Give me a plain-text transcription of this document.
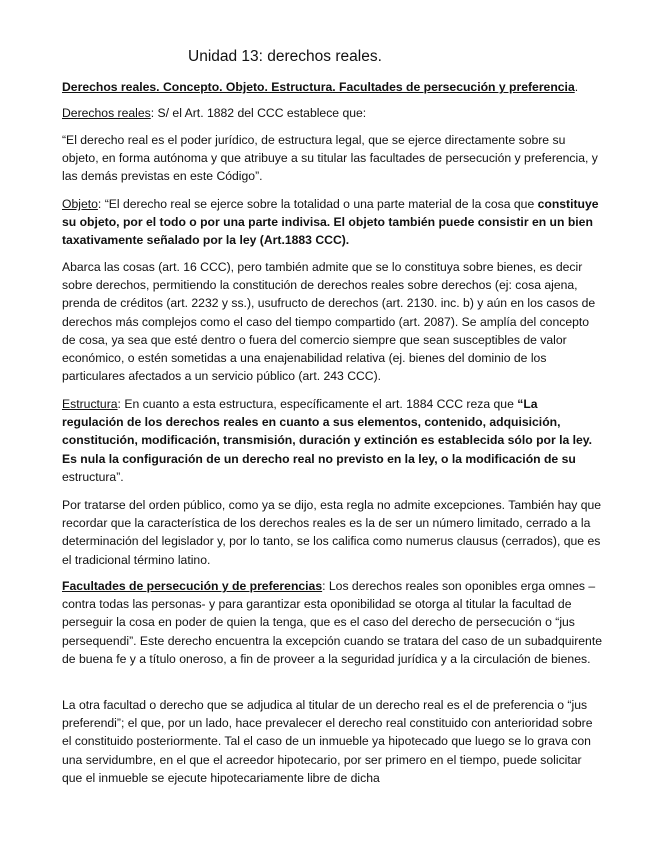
Unidad 13: derechos reales.

Derechos reales. Concepto. Objeto. Estructura. Facultades de persecución y preferencia.

Derechos reales: S/ el Art. 1882 del CCC establece que:

“El derecho real es el poder jurídico, de estructura legal, que se ejerce directamente sobre su objeto, en forma autónoma y que atribuye a su titular las facultades de persecución y preferencia, y las demás previstas en este Código”.

Objeto: “El derecho real se ejerce sobre la totalidad o una parte material de la cosa que constituye su objeto, por el todo o por una parte indivisa. El objeto también puede consistir en un bien taxativamente señalado por la ley (Art.1883 CCC).

Abarca las cosas (art. 16 CCC), pero también admite que se lo constituya sobre bienes, es decir sobre derechos, permitiendo la constitución de derechos reales sobre derechos (ej: cosa ajena, prenda de créditos (art. 2232 y ss.), usufructo de derechos (art. 2130. inc. b) y aún en los casos de derechos más complejos como el caso del tiempo compartido (art. 2087). Se amplía del concepto de cosa, ya sea que esté dentro o fuera del comercio siempre que sean susceptibles de valor económico, o estén sometidas a una enajenabilidad relativa (ej. bienes del dominio de los particulares afectados a un servicio público (art. 243 CCC).

Estructura: En cuanto a esta estructura, específicamente el art. 1884 CCC reza que “La regulación de los derechos reales en cuanto a sus elementos, contenido, adquisición, constitución, modificación, transmisión, duración y extinción es establecida sólo por la ley. Es nula la configuración de un derecho real no previsto en la ley, o la modificación de su estructura”.

Por tratarse del orden público, como ya se dijo, esta regla no admite excepciones. También hay que recordar que la característica de los derechos reales es la de ser un número limitado, cerrado a la determinación del legislador y, por lo tanto, se los califica como numerus clausus (cerrados), que es el tradicional término latino.

Facultades de persecución y de preferencias: Los derechos reales son oponibles erga omnes –contra todas las personas- y para garantizar esta oponibilidad se otorga al titular la facultad de perseguir la cosa en poder de quien la tenga, que es el caso del derecho de persecución o “jus persequendi”. Este derecho encuentra la excepción cuando se tratara del caso de un subadquirente de buena fe y a título oneroso, a fin de proveer a la seguridad jurídica y a la circulación de bienes.

La otra facultad o derecho que se adjudica al titular de un derecho real es el de preferencia o “jus preferendi”; el que, por un lado, hace prevalecer el derecho real constituido con anterioridad sobre el constituido posteriormente. Tal el caso de un inmueble ya hipotecado que luego se lo grava con una servidumbre, en el que el acreedor hipotecario, por ser primero en el tiempo, puede solicitar que el inmueble se ejecute hipotecariamente libre de dicha
